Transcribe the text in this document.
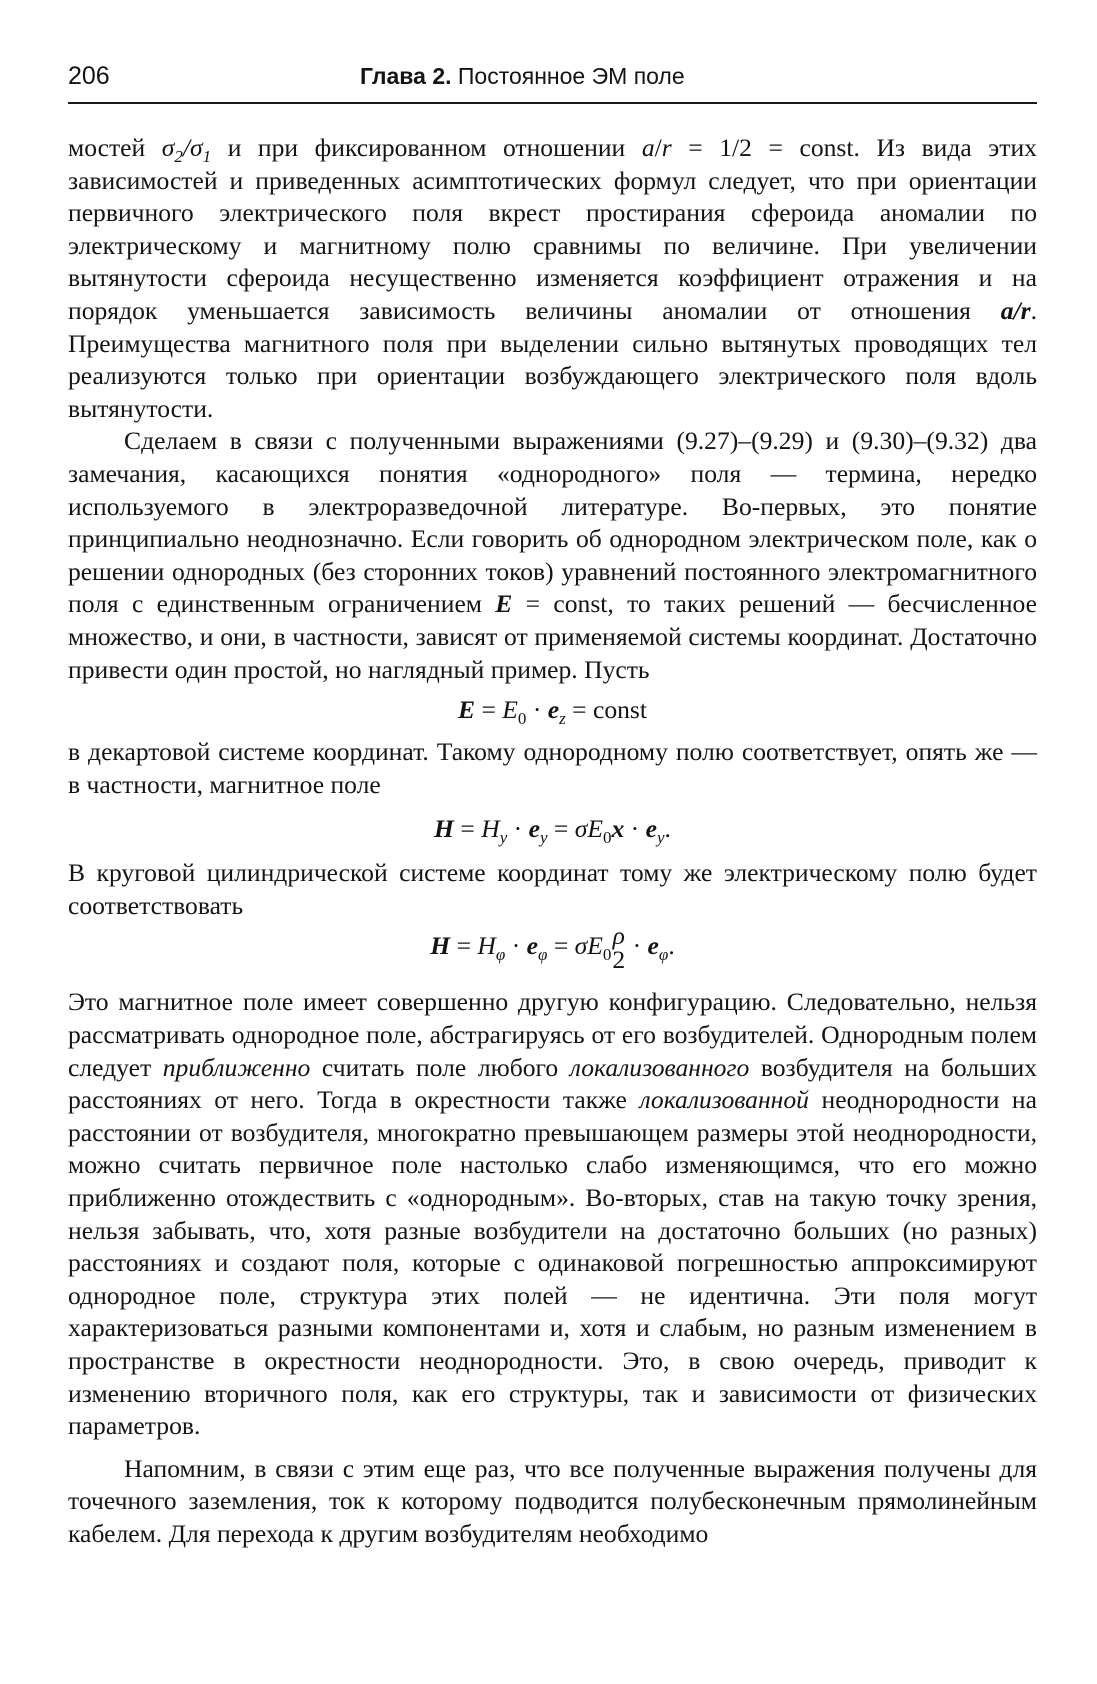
206	Глава 2. Постоянное ЭМ поле

мостей $\sigma_2/\sigma_1$ и при фиксированном отношении a/r = 1/2 = const. Из вида этих зависимостей и приведенных асимптотических формул следует, что при ориентации первичного электрического поля вкрест простирания сфероида аномалии по электрическому и магнитному полю сравнимы по величине. При увеличении вытянутости сфероида несущественно изменяется коэффициент отражения и на порядок уменьшается зависимость величины аномалии от отношения a/r. Преимущества магнитного поля при выделении сильно вытянутых проводящих тел реализуются только при ориентации возбуждающего электрического поля вдоль вытянутости.

Сделаем в связи с полученными выражениями (9.27)–(9.29) и (9.30)–(9.32) два замечания, касающихся понятия «однородного» поля — термина, нередко используемого в электроразведочной литературе. Во-первых, это понятие принципиально неоднозначно. Если говорить об однородном электрическом поле, как о решении однородных (без сторонних токов) уравнений постоянного электромагнитного поля с единственным ограничением E = const, то таких решений — бесчисленное множество, и они, в частности, зависят от применяемой системы координат. Достаточно привести один простой, но наглядный пример. Пусть

$E = E_0 \cdot e_z$ = const

в декартовой системе координат. Такому однородному полю соответствует, опять же — в частности, магнитное поле

$H = H_y \cdot e_y = \sigma E_0x \cdot e_y$.

В круговой цилиндрической системе координат тому же электрическому полю будет соответствовать

$H = H_\varphi \cdot e_\varphi = \sigma E_0$
ρ
$2 \cdot e_\varphi$.

Это магнитное поле имеет совершенно другую конфигурацию. Следовательно, нельзя рассматривать однородное поле, абстрагируясь от его возбудителей. Однородным полем следует приближенно считать поле любого локализованного возбудителя на больших расстояниях от него. Тогда в окрестности также локализованной неоднородности на расстоянии от возбудителя, многократно превышающем размеры этой неоднородности, можно считать первичное поле настолько слабо изменяющимся, что его можно приближенно отождествить с «однородным». Во-вторых, став на такую точку зрения, нельзя забывать, что, хотя разные возбудители на достаточно больших (но разных) расстояниях и создают поля, которые с одинаковой погрешностью аппроксимируют однородное поле, структура этих полей — не идентична. Эти поля могут характеризоваться разными компонентами и, хотя и слабым, но разным изменением в пространстве в окрестности неоднородности. Это, в свою очередь, приводит к изменению вторичного поля, как его структуры, так и зависимости от физических параметров.

Напомним, в связи с этим еще раз, что все полученные выражения получены для точечного заземления, ток к которому подводится полубесконечным прямолинейным кабелем. Для перехода к другим возбудителям необходимо
